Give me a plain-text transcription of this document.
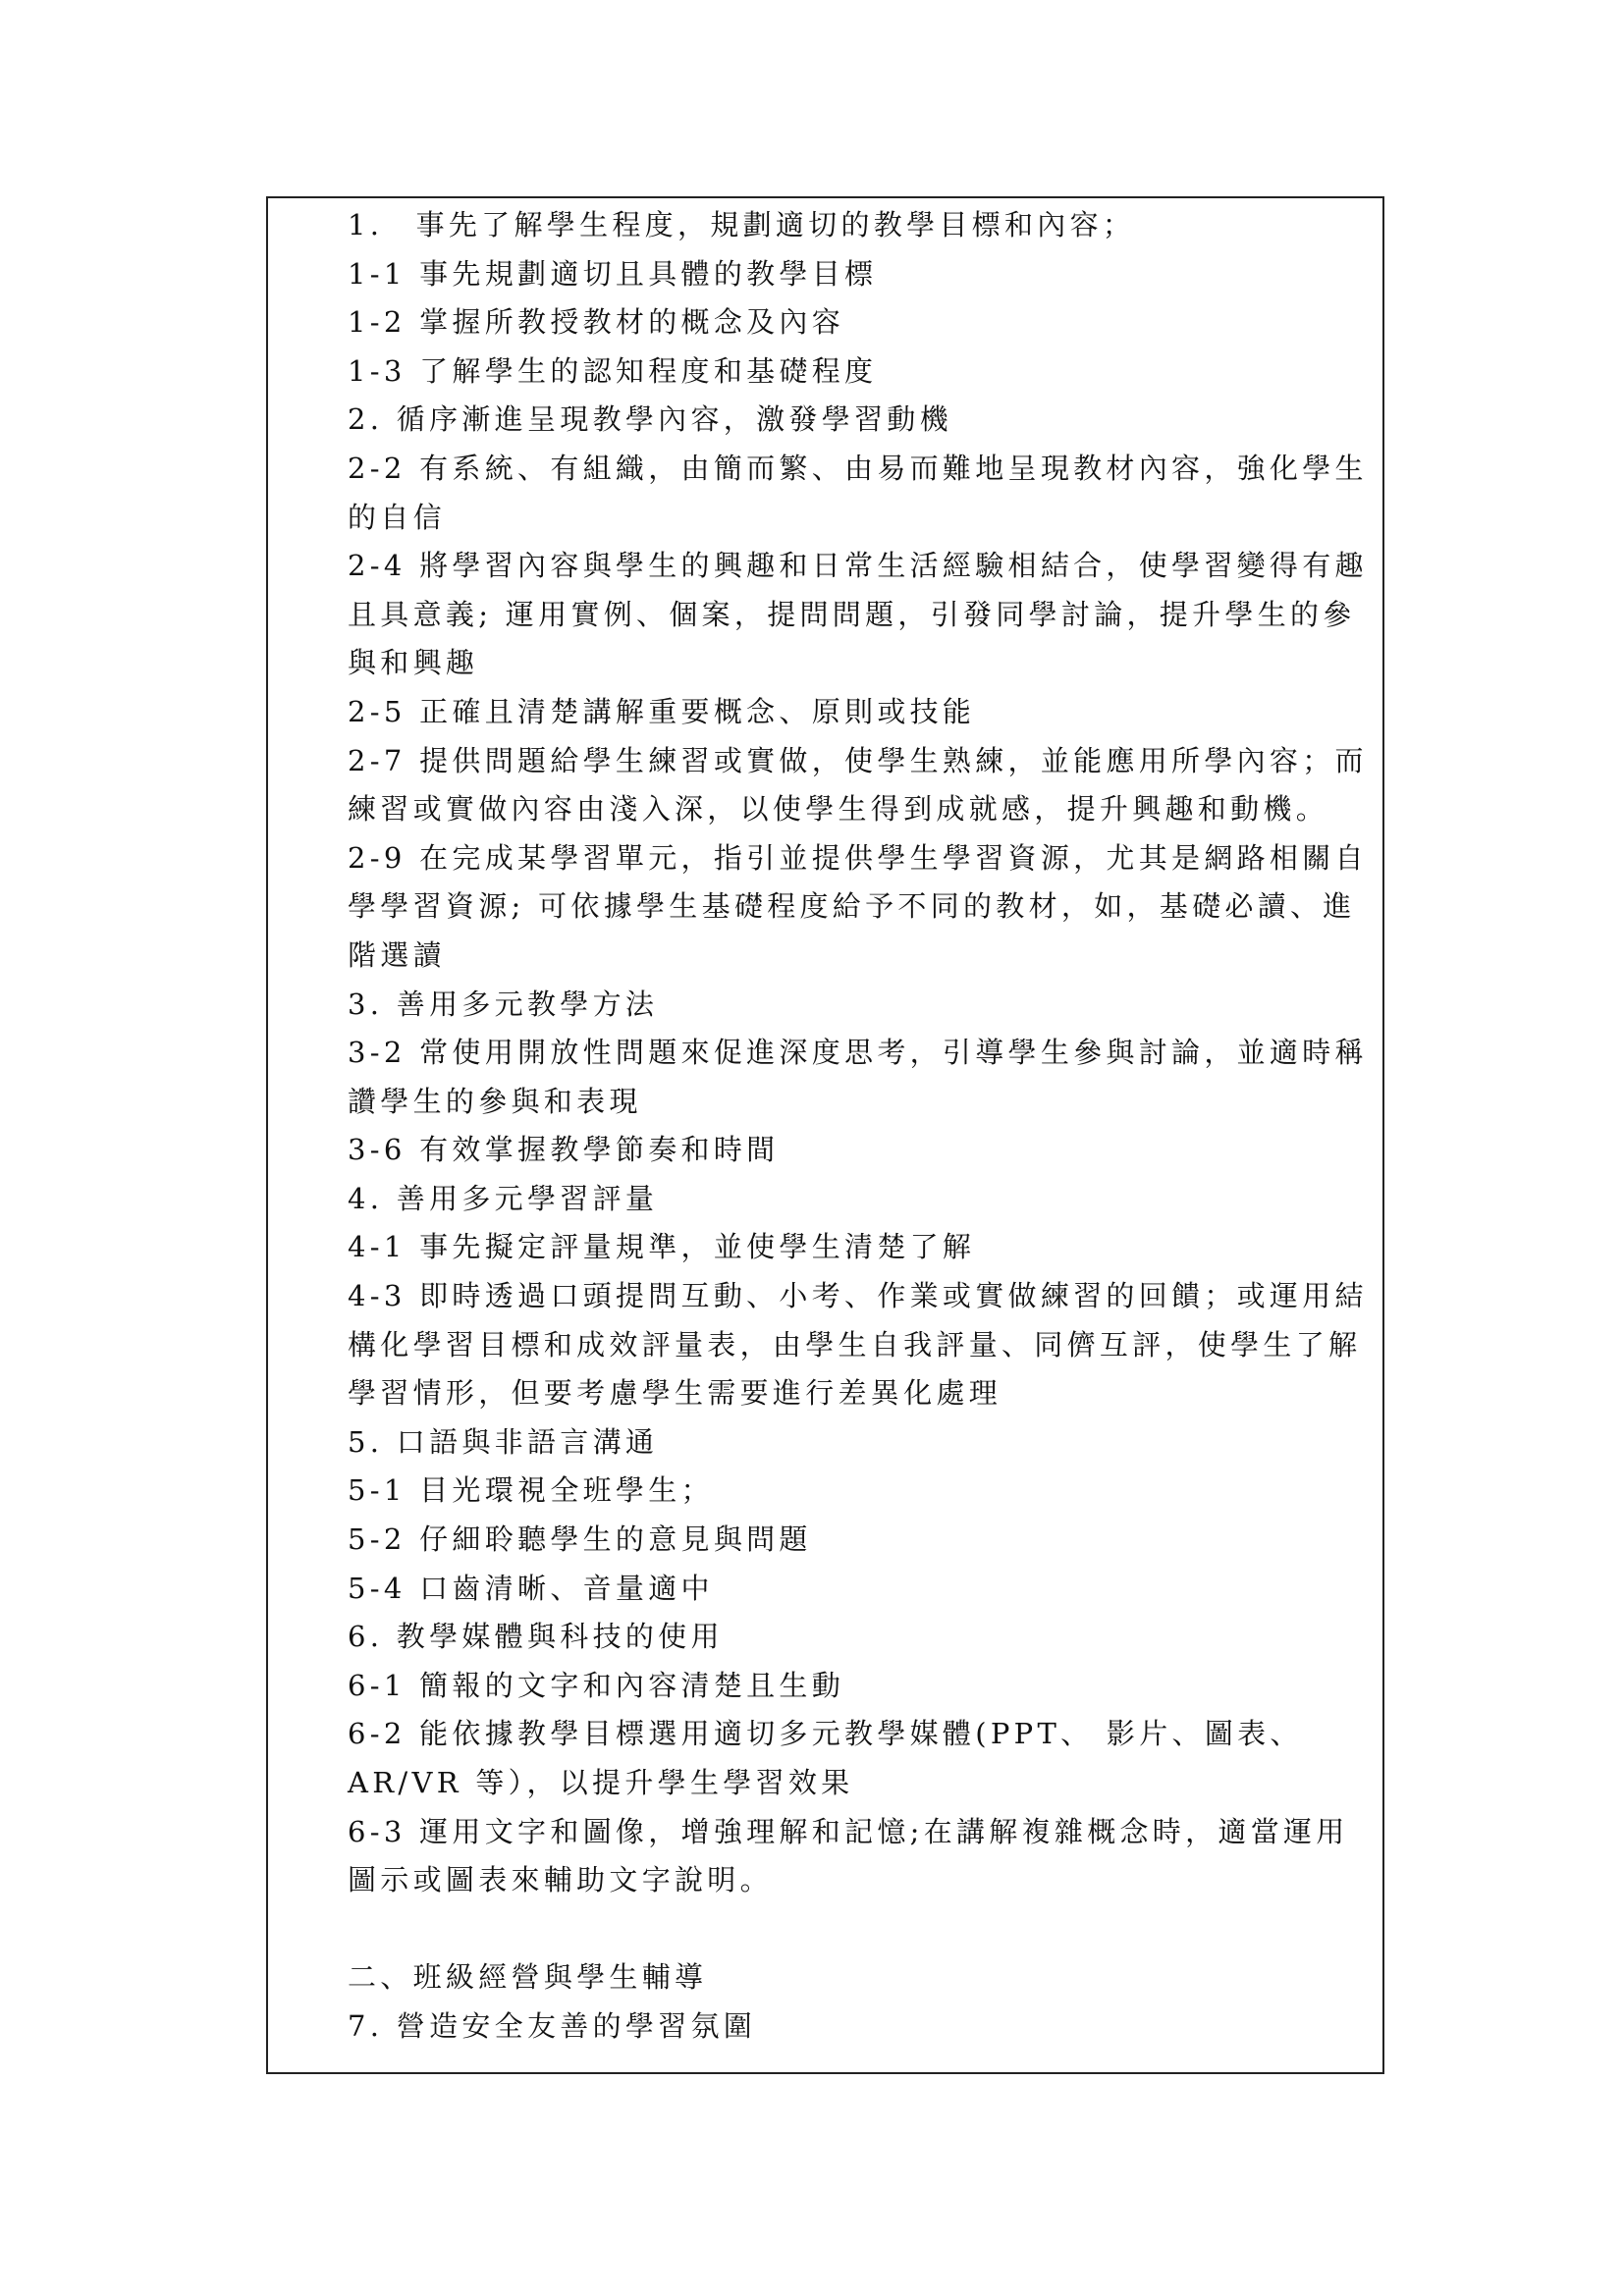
1.　事先了解學生程度，規劃適切的教學目標和內容；
1-1 事先規劃適切且具體的教學目標
1-2 掌握所教授教材的概念及內容
1-3 了解學生的認知程度和基礎程度
2. 循序漸進呈現教學內容，激發學習動機
2-2 有系統、有組織，由簡而繁、由易而難地呈現教材內容，強化學生
的自信
2-4 將學習內容與學生的興趣和日常生活經驗相結合，使學習變得有趣
且具意義; 運用實例、個案，提問問題，引發同學討論，提升學生的參
與和興趣
2-5 正確且清楚講解重要概念、原則或技能
2-7 提供問題給學生練習或實做，使學生熟練，並能應用所學內容；而
練習或實做內容由淺入深，以使學生得到成就感，提升興趣和動機。
2-9 在完成某學習單元，指引並提供學生學習資源，尤其是網路相關自
學學習資源; 可依據學生基礎程度給予不同的教材，如，基礎必讀、進
階選讀
3. 善用多元教學方法
3-2 常使用開放性問題來促進深度思考，引導學生參與討論，並適時稱
讚學生的參與和表現
3-6 有效掌握教學節奏和時間
4. 善用多元學習評量
4-1 事先擬定評量規準，並使學生清楚了解
4-3 即時透過口頭提問互動、小考、作業或實做練習的回饋；或運用結
構化學習目標和成效評量表，由學生自我評量、同儕互評，使學生了解
學習情形，但要考慮學生需要進行差異化處理
5. 口語與非語言溝通
5-1 目光環視全班學生；
5-2 仔細聆聽學生的意見與問題
5-4 口齒清晰、音量適中
6. 教學媒體與科技的使用
6-1 簡報的文字和內容清楚且生動
6-2 能依據教學目標選用適切多元教學媒體(PPT、 影片、圖表、
AR/VR 等），以提升學生學習效果
6-3 運用文字和圖像，增強理解和記憶;在講解複雜概念時，適當運用
圖示或圖表來輔助文字說明。
二、班級經營與學生輔導
7. 營造安全友善的學習氛圍
